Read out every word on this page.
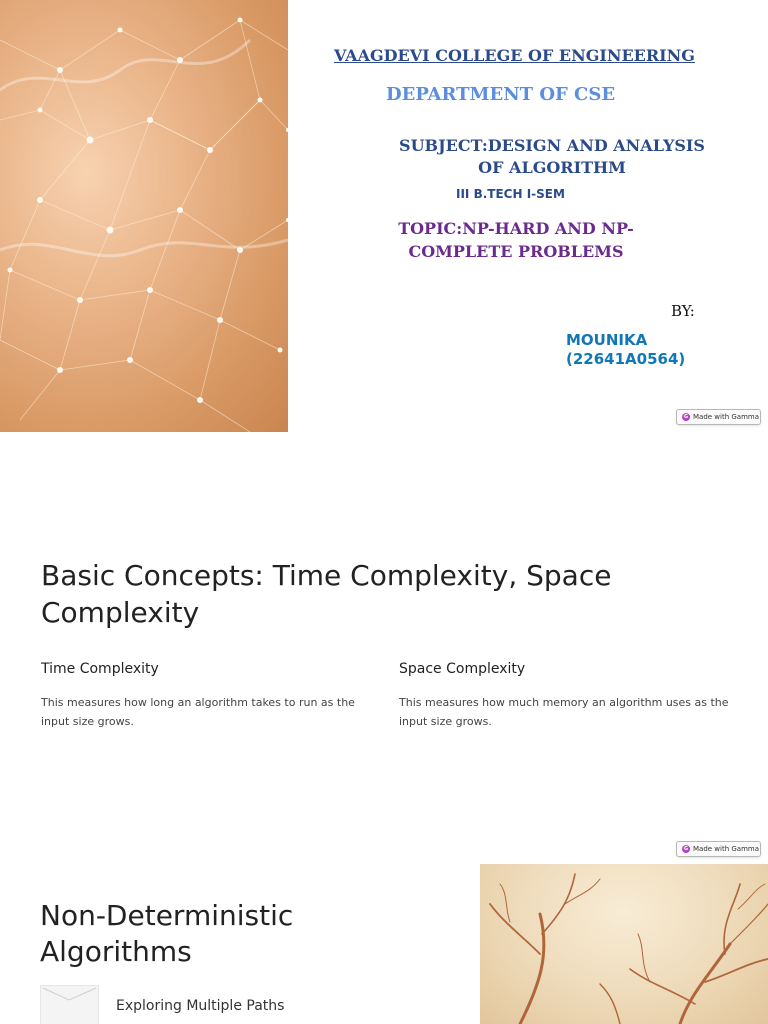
VAAGDEVI COLLEGE OF ENGINEERING
DEPARTMENT OF CSE
SUBJECT:DESIGN AND ANALYSIS
OF ALGORITHM
III B.TECH I-SEM
TOPIC:NP-HARD AND NP-
COMPLETE PROBLEMS
BY:
MOUNIKA
(22641A0564)
G Made with Gamma
Basic Concepts: Time Complexity, Space Complexity
Time Complexity

This measures how long an algorithm takes to run as the input size grows.

Space Complexity

This measures how much memory an algorithm uses as the input size grows.

G Made with Gamma
Non-Deterministic Algorithms
Exploring Multiple Paths
